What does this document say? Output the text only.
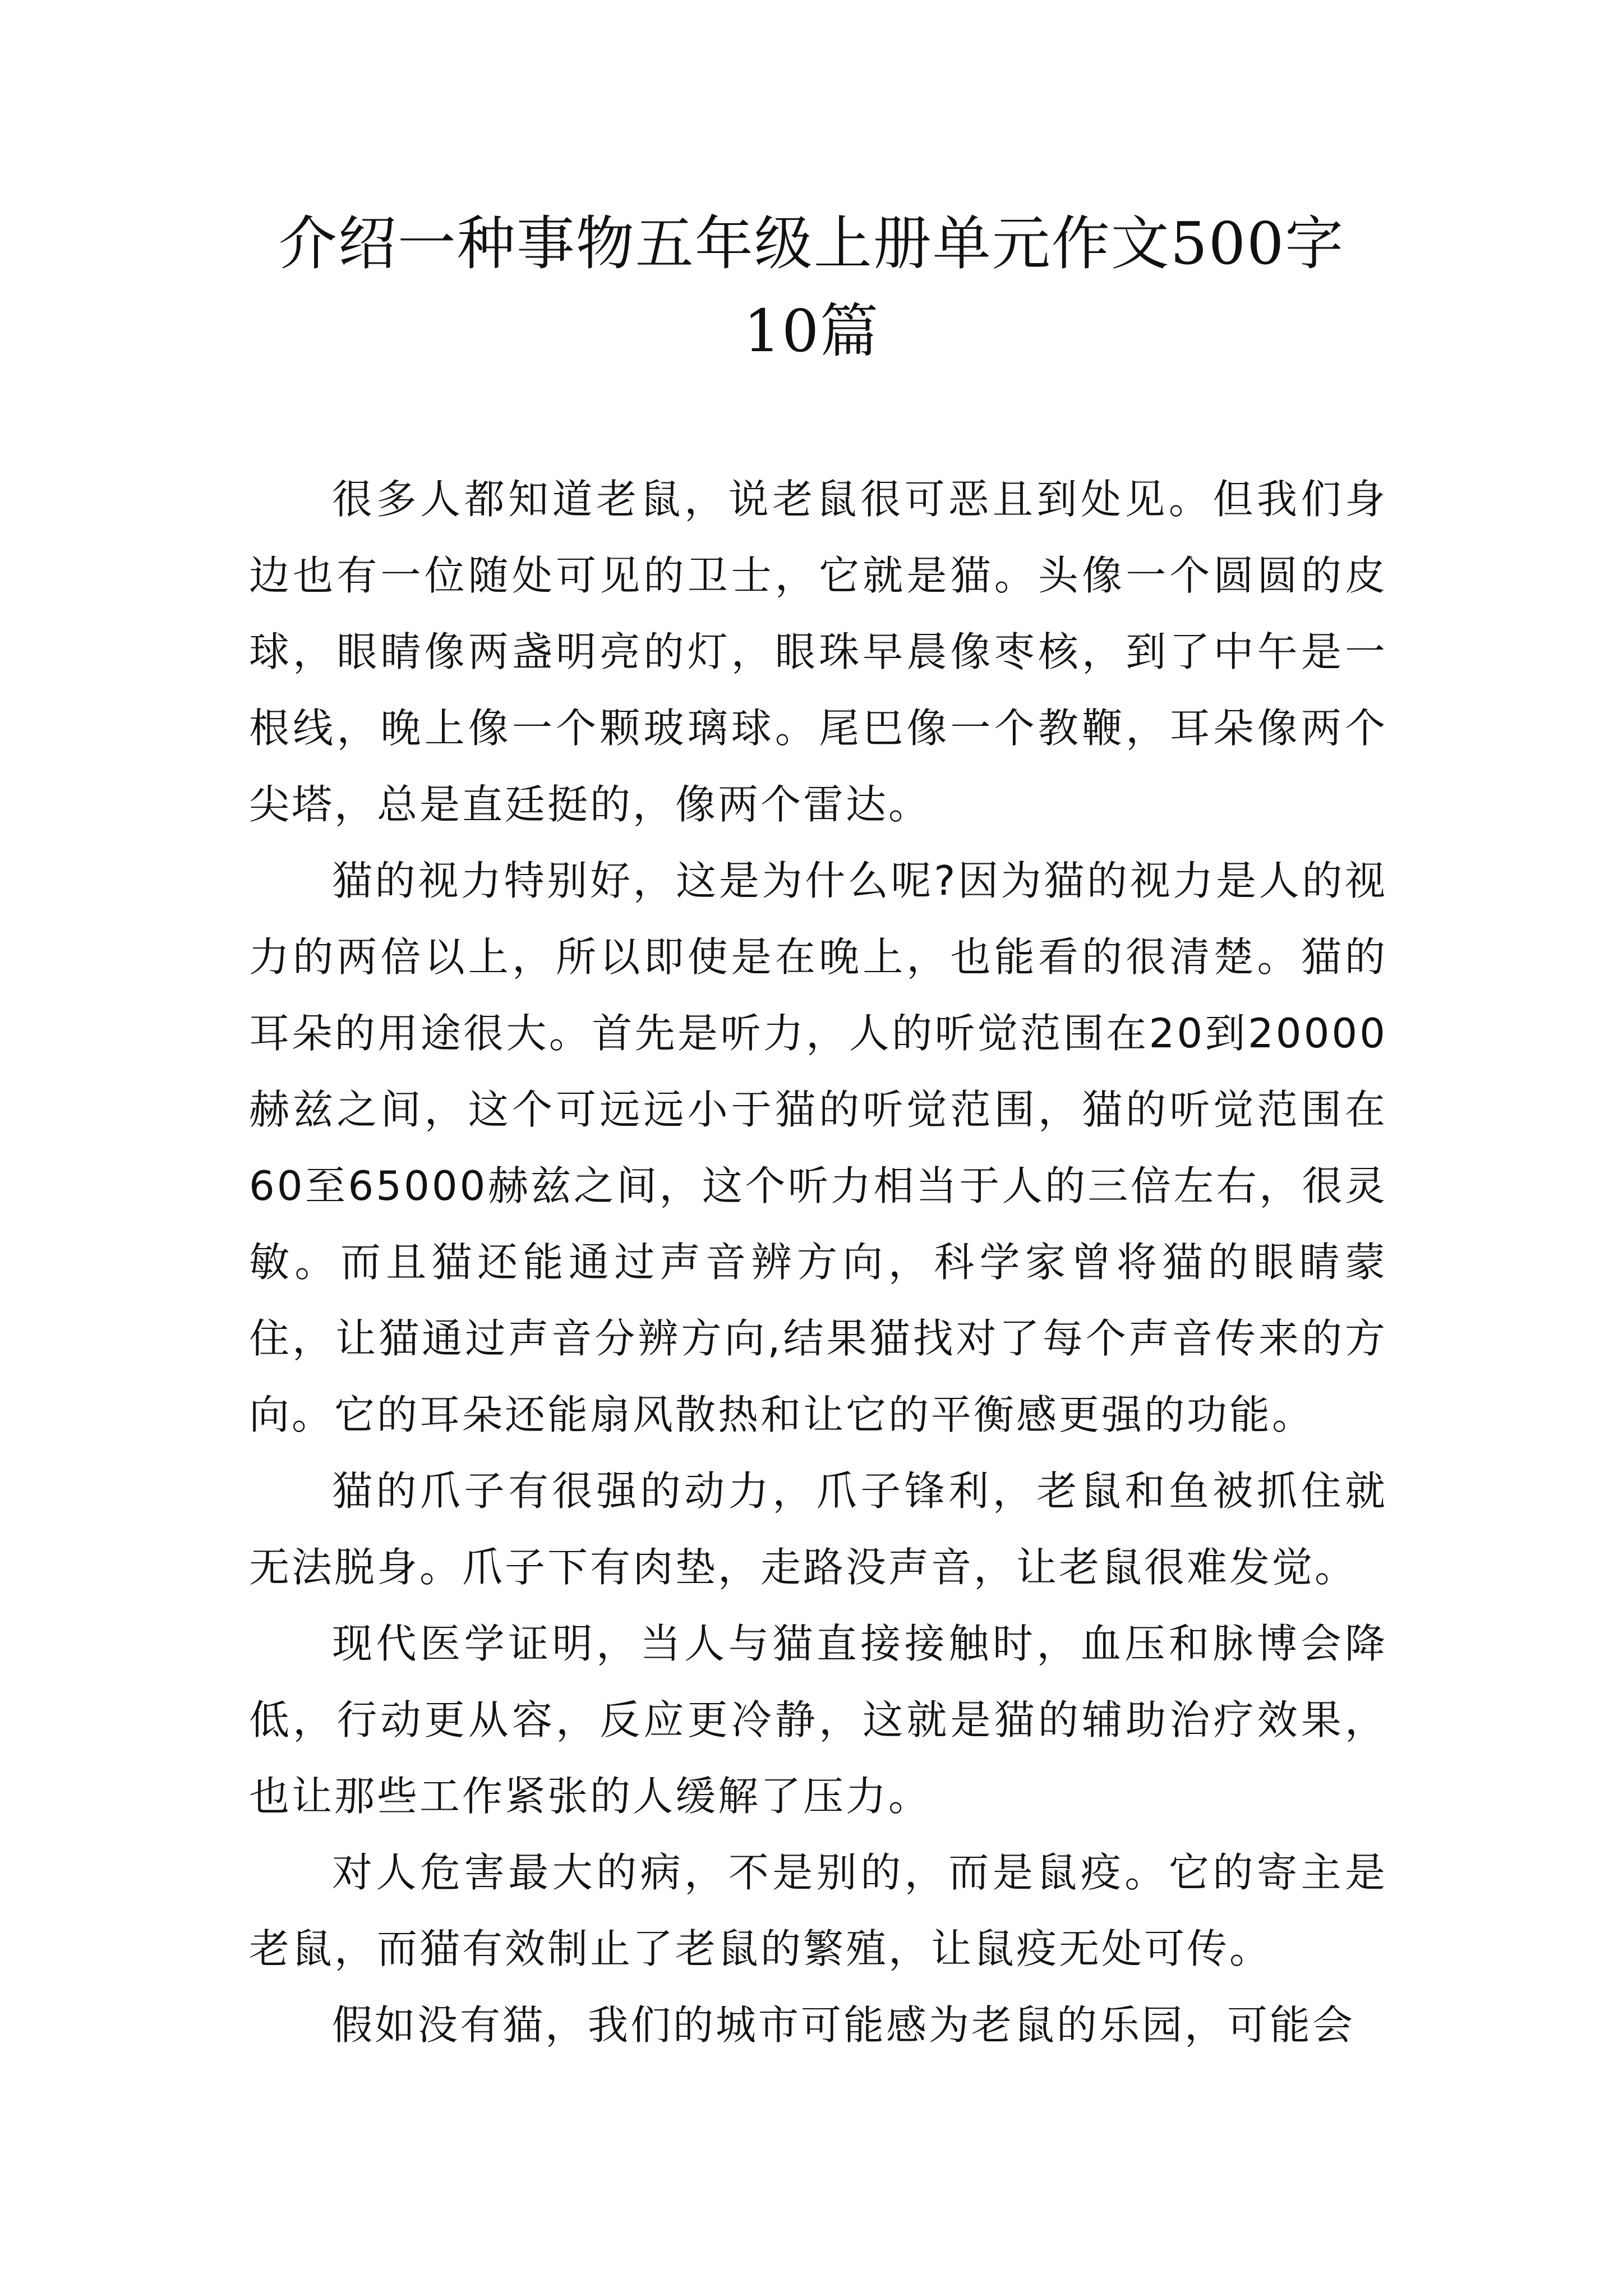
介绍一种事物五年级上册单元作文500字
10篇

很多人都知道老鼠，说老鼠很可恶且到处见。但我们身边也有一位随处可见的卫士，它就是猫。头像一个圆圆的皮球，眼睛像两盏明亮的灯，眼珠早晨像枣核，到了中午是一根线，晚上像一个颗玻璃球。尾巴像一个教鞭，耳朵像两个尖塔，总是直廷挺的，像两个雷达。

猫的视力特别好，这是为什么呢?因为猫的视力是人的视力的两倍以上，所以即使是在晚上，也能看的很清楚。猫的耳朵的用途很大。首先是听力，人的听觉范围在20到20000赫兹之间，这个可远远小于猫的听觉范围，猫的听觉范围在60至65000赫兹之间，这个听力相当于人的三倍左右，很灵敏。而且猫还能通过声音辨方向，科学家曾将猫的眼睛蒙住，让猫通过声音分辨方向,结果猫找对了每个声音传来的方向。它的耳朵还能扇风散热和让它的平衡感更强的功能。

猫的爪子有很强的动力，爪子锋利，老鼠和鱼被抓住就无法脱身。爪子下有肉垫，走路没声音，让老鼠很难发觉。

现代医学证明，当人与猫直接接触时，血压和脉博会降低，行动更从容，反应更冷静，这就是猫的辅助治疗效果，也让那些工作紧张的人缓解了压力。

对人危害最大的病，不是别的，而是鼠疫。它的寄主是老鼠，而猫有效制止了老鼠的繁殖，让鼠疫无处可传。

假如没有猫，我们的城市可能感为老鼠的乐园，可能会
